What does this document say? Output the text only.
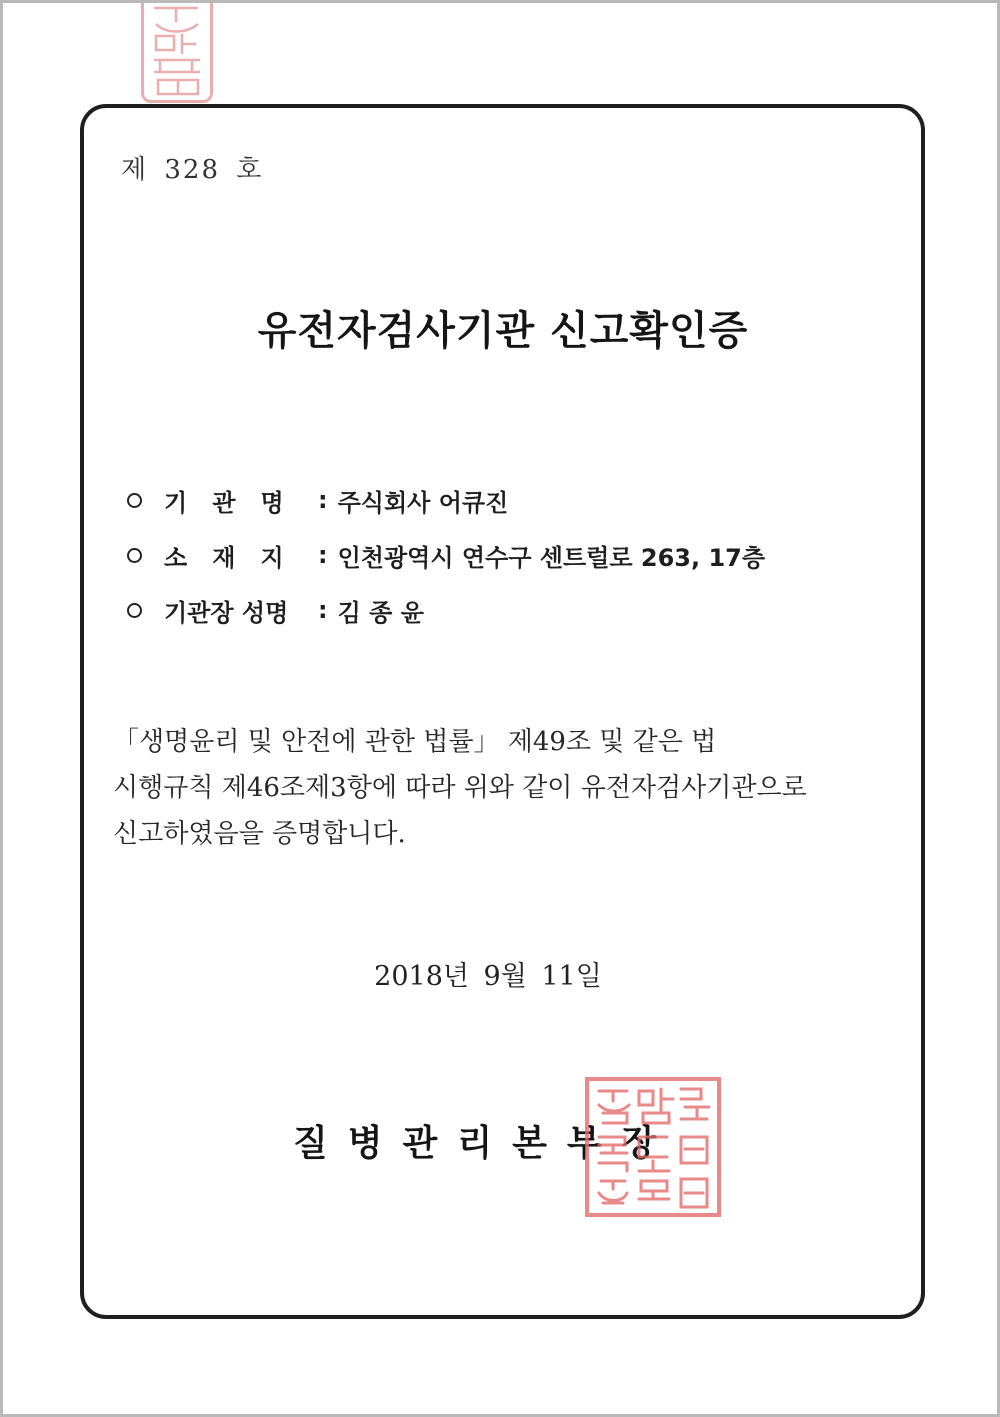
제 328 호
유전자검사기관 신고확인증
기   관   명	: 주식회사 어큐진
소   재   지	: 인천광역시 연수구 센트럴로 263, 17층
기관장 성명	: 김 종 윤

「생명윤리 및 안전에 관한 법률」 제49조 및 같은 법

시행규칙 제46조제3항에 따라 위와 같이 유전자검사기관으로

신고하였음을 증명합니다.

2018년 9월 11일
질병관리본부장
